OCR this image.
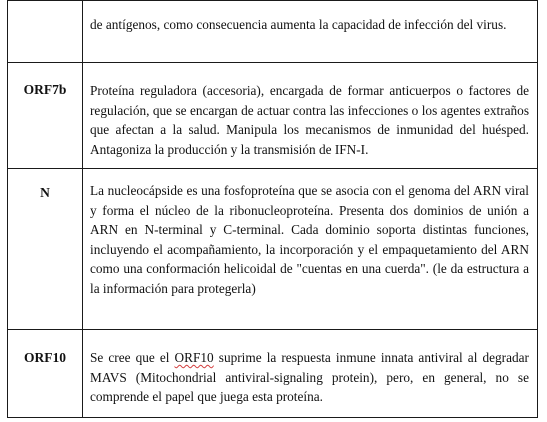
	de antígenos, como consecuencia aumenta la capacidad de infección del virus.

ORF7b	Proteína reguladora (accesoria), encargada de formar anticuerpos o factores de regulación, que se encargan de actuar contra las infecciones o los agentes extraños que afectan a la salud. Manipula los mecanismos de inmunidad del huésped. Antagoniza la producción y la transmisión de IFN-I.

N	La nucleocápside es una fosfoproteína que se asocia con el genoma del ARN viral y forma el núcleo de la ribonucleoproteína. Presenta dos dominios de unión a ARN en N-terminal y C-terminal. Cada dominio soporta distintas funciones, incluyendo el acompañamiento, la incorporación y el empaquetamiento del ARN como una conformación helicoidal de "cuentas en una cuerda". (le da estructura a la información para protegerla)

ORF10	Se cree que el ORF10 suprime la respuesta inmune innata antiviral al degradar MAVS (Mitochondrial antiviral-signaling protein), pero, en general, no se comprende el papel que juega esta proteína.
